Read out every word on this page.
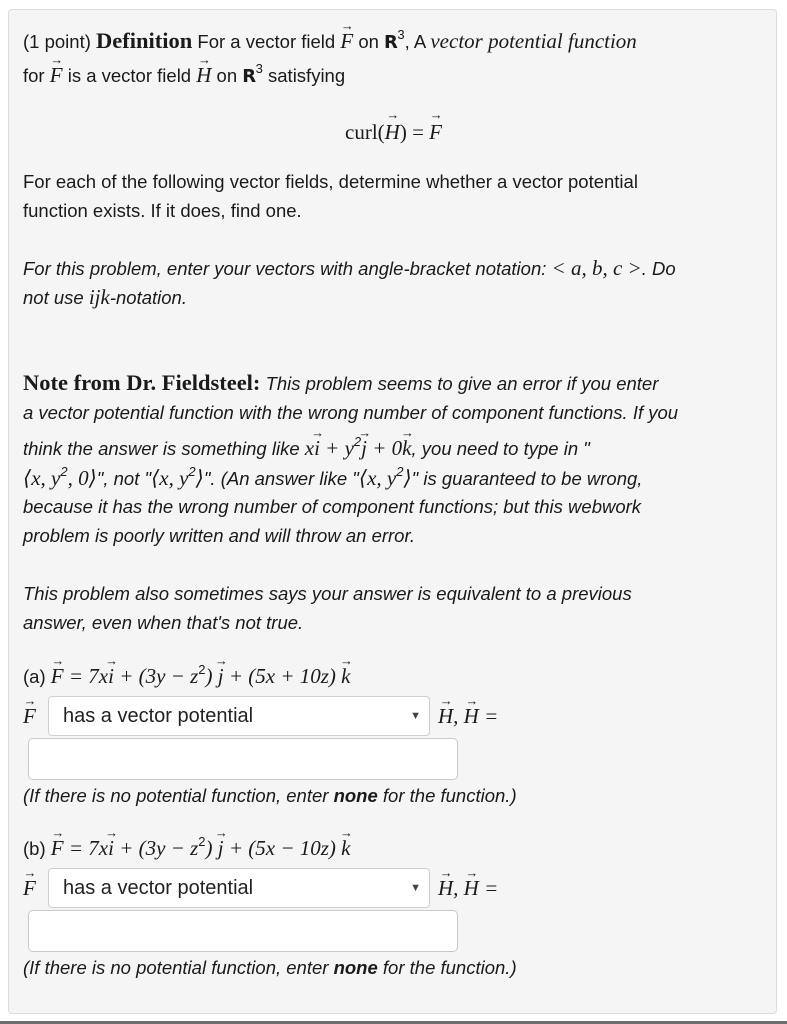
(1 point) Definition For a vector field → F on $R^3$, A vector potential function
for → F is a vector field → H on $R^3$ satisfying
curl(→ H) = → F
For each of the following vector fields, determine whether a vector potential
function exists. If it does, find one.
For this problem, enter your vectors with angle-bracket notation: < a, b, c >. Do
not use ijk-notation.
Note from Dr. Fieldsteel: This problem seems to give an error if you enter
a vector potential function with the wrong number of component functions. If you
think the answer is something like $x\to i + y^2\to j + 0\to k$, you need to type in "
⟨x, $y^2$, 0⟩", not "⟨x, $y^2⟩$". (An answer like "⟨x, $y^2⟩$" is guaranteed to be wrong,
because it has the wrong number of component functions; but this webwork
problem is poorly written and will throw an error.
This problem also sometimes says your answer is equivalent to a previous
answer, even when that's not true.
$(a) \to F = 7x\to i + (3y - z^2) \to j + (5x + 10z) \to k$
→ F	has a vector potential	▼ → H, → H =
(If there is no potential function, enter none for the function.)
$(b) \to F = 7x\to i + (3y - z^2) \to j + (5x - 10z) \to k$
→ F	has a vector potential	▼ → H, → H =
(If there is no potential function, enter none for the function.)
